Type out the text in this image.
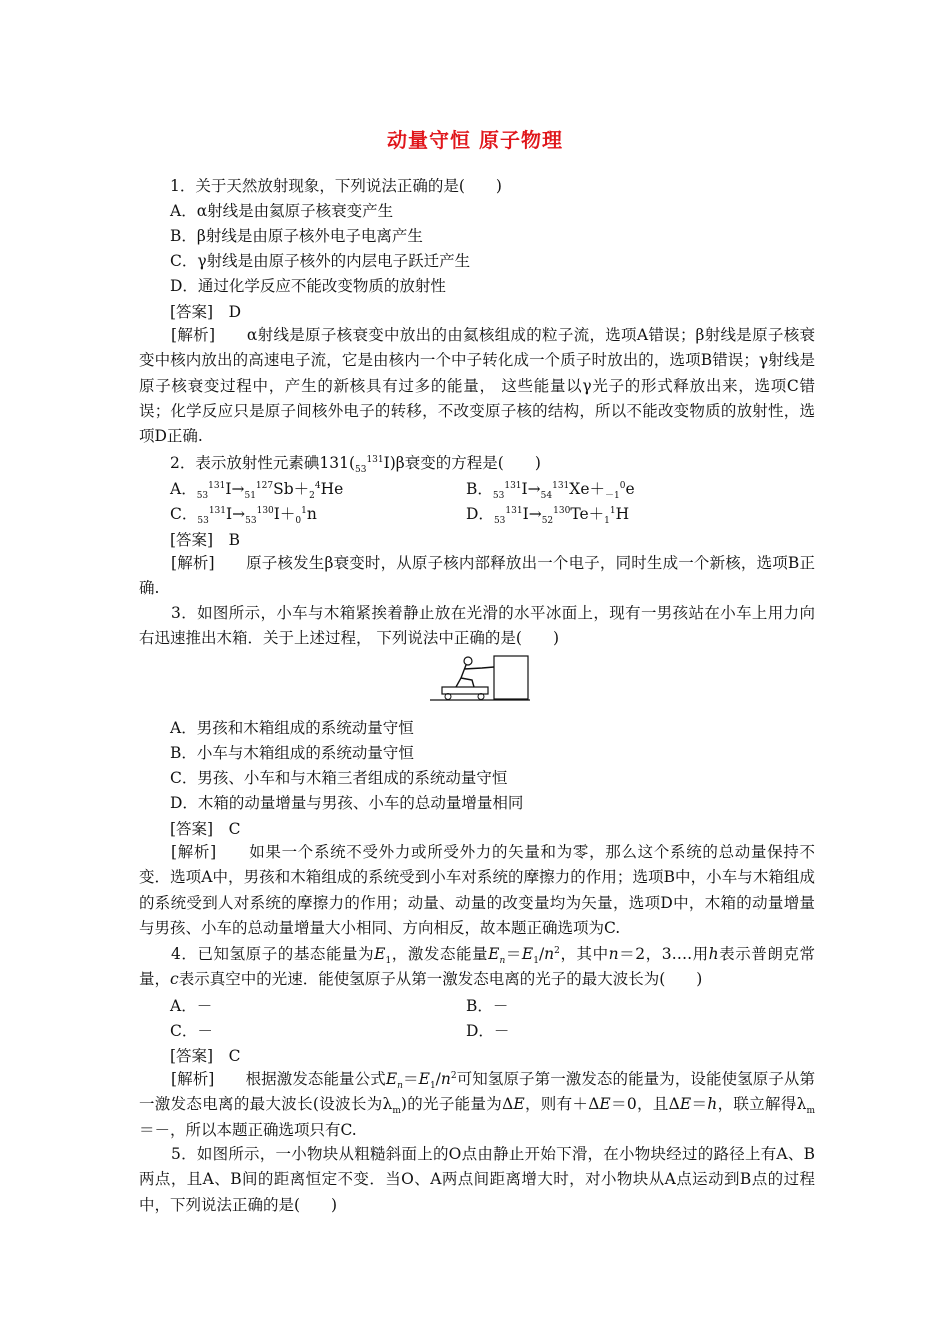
动量守恒 原子物理
1．关于天然放射现象，下列说法正确的是(　　)
A．α射线是由氦原子核衰变产生
B．β射线是由原子核外电子电离产生
C．γ射线是由原子核外的内层电子跃迁产生
D．通过化学反应不能改变物质的放射性
[答案]　D
[解析]　　α射线是原子核衰变中放出的由氦核组成的粒子流，选项A错误；β射线是原子核衰变中核内放出的高速电子流，它是由核内一个中子转化成一个质子时放出的，选项B错误；γ射线是原子核衰变过程中，产生的新核具有过多的能量， 这些能量以γ光子的形式释放出来，选项C错误；化学反应只是原子间核外电子的转移，不改变原子核的结构，所以不能改变物质的放射性，选项D正确.
2．表示放射性元素碘$131(_{53}^{131}I)\beta$衰变的方程是(　　)
A．$_{53}^{131}I\to_{51}^{127}Sb+_2^4He$	B．$_{53}^{131}I\to_{54}^{131}Xe+_{-1}^0e$
C．$_{53}^{131}I\to_{53}^{130}I+_0^1n$	D．$_{53}^{131}I\to_{52}^{130}Te+_1^1H$
[答案]　B
[解析]　　原子核发生β衰变时，从原子核内部释放出一个电子，同时生成一个新核，选项B正确.
3．如图所示，小车与木箱紧挨着静止放在光滑的水平冰面上，现有一男孩站在小车上用力向右迅速推出木箱．关于上述过程， 下列说法中正确的是(　　)
A．男孩和木箱组成的系统动量守恒
B．小车与木箱组成的系统动量守恒
C．男孩、小车和与木箱三者组成的系统动量守恒
D．木箱的动量增量与男孩、小车的总动量增量相同
[答案]　C
[解析]　　如果一个系统不受外力或所受外力的矢量和为零，那么这个系统的总动量保持不变．选项A中，男孩和木箱组成的系统受到小车对系统的摩擦力的作用；选项B中，小车与木箱组成的系统受到人对系统的摩擦力的作用；动量、动量的改变量均为矢量，选项D中，木箱的动量增量与男孩、小车的总动量增量大小相同、方向相反，故本题正确选项为C.
4．已知氢原子的基态能量为$E_1$，激发态能量$E_n=E_1/n^2$，其中n＝2，3….用h表示普朗克常量，c表示真空中的光速．能使氢原子从第一激发态电离的光子的最大波长为(　　)
A．－	B．－
C．－	D．－
[答案]　C
[解析]　　根据激发态能量公式$E_n=E_1/n^2$可知氢原子第一激发态的能量为，设能使氢原子从第一激发态电离的最大波长(设波长为$\lambda_m$)的光子能量为ΔE，则有＋ΔE＝0，且ΔE＝h，联立解得$\lambda_m=-$，所以本题正确选项只有C.
5．如图所示，一小物块从粗糙斜面上的O点由静止开始下滑，在小物块经过的路径上有A、B两点，且A、B间的距离恒定不变．当O、A两点间距离增大时，对小物块从A点运动到B点的过程中，下列说法正确的是(　　)
